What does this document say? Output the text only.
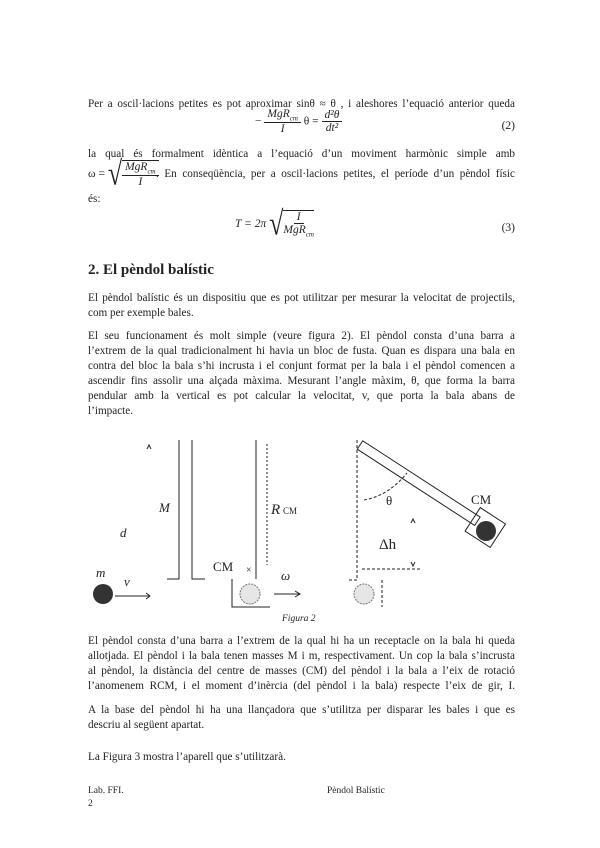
Per a oscil·lacions petites es pot aproximar sinθ ≈ θ , i aleshores l’equació anterior queda
− $\frac{MgR_{cm}}{I}$ $\theta = \frac{\text{d²θ}}{\text{dt²}}$	(2)
la qual és formalment idèntica a l’equació d’un moviment harmònic simple amb
ω = √ $\frac{MgR_{cm}}{I}$
. En conseqüència, per a oscil·lacions petites, el període d’un pèndol físic
és:
T = 2π √ $\frac{I}{MgR_{cm}}$	(3)
2. El pèndol balístic
El pèndol balístic és un dispositiu que es pot utilitzar per mesurar la velocitat de projectils,
com per exemple bales.
El seu funcionament és molt simple (veure figura 2). El pèndol consta d’una barra a
l’extrem de la qual tradicionalment hi havia un bloc de fusta. Quan es dispara una bala en
contra del bloc la bala s’hi incrusta i el conjunt format per la bala i el pèndol comencen a
ascendir fins assolir una alçada màxima. Mesurant l’angle màxim, θ, que forma la barra
pendular amb la vertical es pot calcular la velocitat, v, que porta la bala abans de
l’impacte.
m
v
d
M	R CM
CM × ω
θ
Δh
CM
Figura 2
El pèndol consta d’una barra a l’extrem de la qual hi ha un receptacle on la bala hi queda
allotjada. El pèndol i la bala tenen masses M i m, respectivament. Un cop la bala s’incrusta
al pèndol, la distància del centre de masses (CM) del pèndol i la bala a l’eix de rotació
l’anomenem RCM, i el moment d’inèrcia (del pèndol i la bala) respecte l’eix de gir, I.
A la base del pèndol hi ha una llançadora que s’utilitza per disparar les bales i que es
descriu al següent apartat.
La Figura 3 mostra l’aparell que s’utilitzarà.
Lab. FFI.
2
Pèndol Balístic
